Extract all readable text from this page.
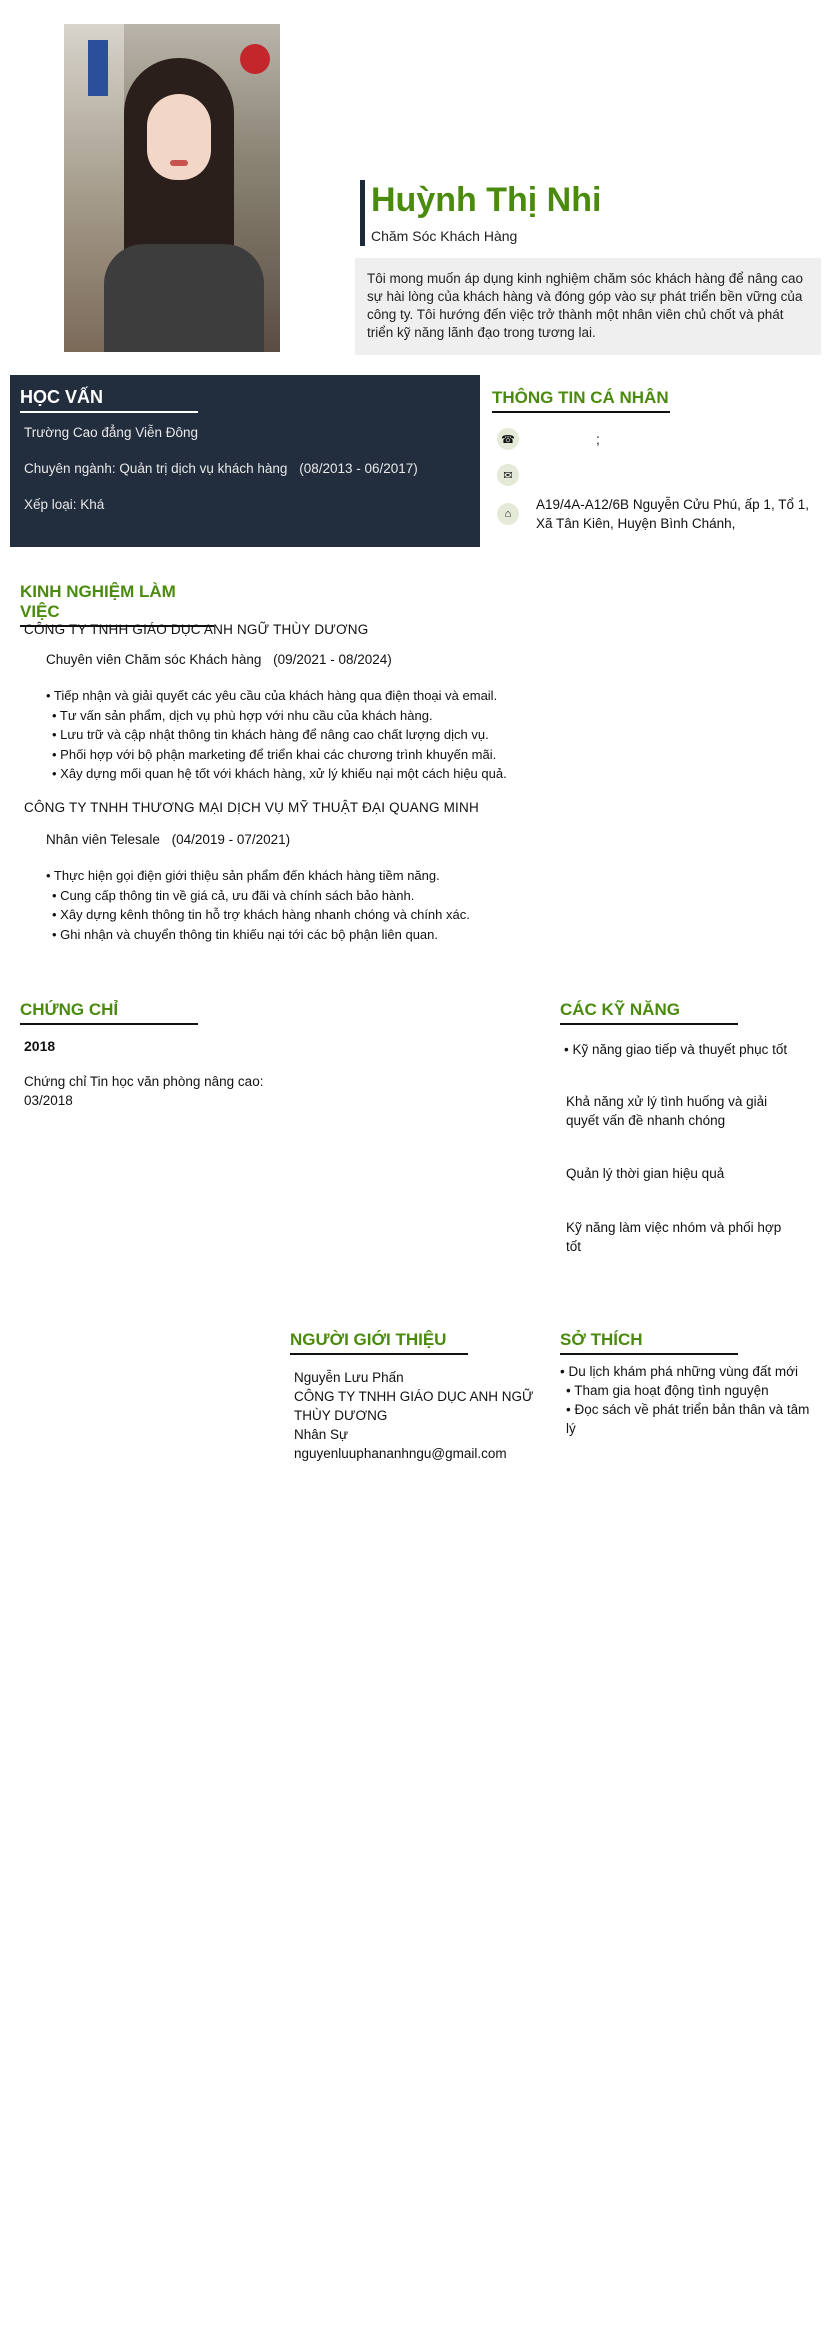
Huỳnh Thị Nhi
Chăm Sóc Khách Hàng
Tôi mong muốn áp dụng kinh nghiệm chăm sóc khách hàng để nâng cao sự hài lòng của khách hàng và đóng góp vào sự phát triển bền vững của công ty. Tôi hướng đến việc trở thành một nhân viên chủ chốt và phát triển kỹ năng lãnh đạo trong tương lai.
HỌC VẤN
Trường Cao đẳng Viễn Đông
Chuyên ngành: Quản trị dịch vụ khách hàng (08/2013 - 06/2017)
Xếp loại: Khá
THÔNG TIN CÁ NHÂN
☎	;
✉
⌂
A19/4A-A12/6B Nguyễn Cửu Phú, ấp 1, Tổ 1, Xã Tân Kiên, Huyện Bình Chánh,
KINH NGHIỆM LÀM VIỆC
CÔNG TY TNHH GIÁO DỤC ANH NGỮ THÙY DƯƠNG
Chuyên viên Chăm sóc Khách hàng (09/2021 - 08/2024)
• Tiếp nhận và giải quyết các yêu cầu của khách hàng qua điện thoại và email.
• Tư vấn sản phẩm, dịch vụ phù hợp với nhu cầu của khách hàng.
• Lưu trữ và cập nhật thông tin khách hàng để nâng cao chất lượng dịch vụ.
• Phối hợp với bộ phận marketing để triển khai các chương trình khuyến mãi.
• Xây dựng mối quan hệ tốt với khách hàng, xử lý khiếu nại một cách hiệu quả.
CÔNG TY TNHH THƯƠNG MẠI DỊCH VỤ MỸ THUẬT ĐẠI QUANG MINH
Nhân viên Telesale (04/2019 - 07/2021)
• Thực hiện gọi điện giới thiệu sản phẩm đến khách hàng tiềm năng.
• Cung cấp thông tin về giá cả, ưu đãi và chính sách bảo hành.
• Xây dựng kênh thông tin hỗ trợ khách hàng nhanh chóng và chính xác.
• Ghi nhận và chuyển thông tin khiếu nại tới các bộ phận liên quan.
CHỨNG CHỈ
2018
Chứng chỉ Tin học văn phòng nâng cao: 03/2018
CÁC KỸ NĂNG
• Kỹ năng giao tiếp và thuyết phục tốt
Khả năng xử lý tình huống và giải quyết vấn đề nhanh chóng
Quản lý thời gian hiệu quả
Kỹ năng làm việc nhóm và phối hợp tốt
NGƯỜI GIỚI THIỆU
Nguyễn Lưu Phấn
CÔNG TY TNHH GIÁO DỤC ANH NGỮ THÙY DƯƠNG
Nhân Sự
nguyenluuphananhngu@gmail.com
SỞ THÍCH
• Du lịch khám phá những vùng đất mới
• Tham gia hoạt động tình nguyện
• Đọc sách về phát triển bản thân và tâm lý
